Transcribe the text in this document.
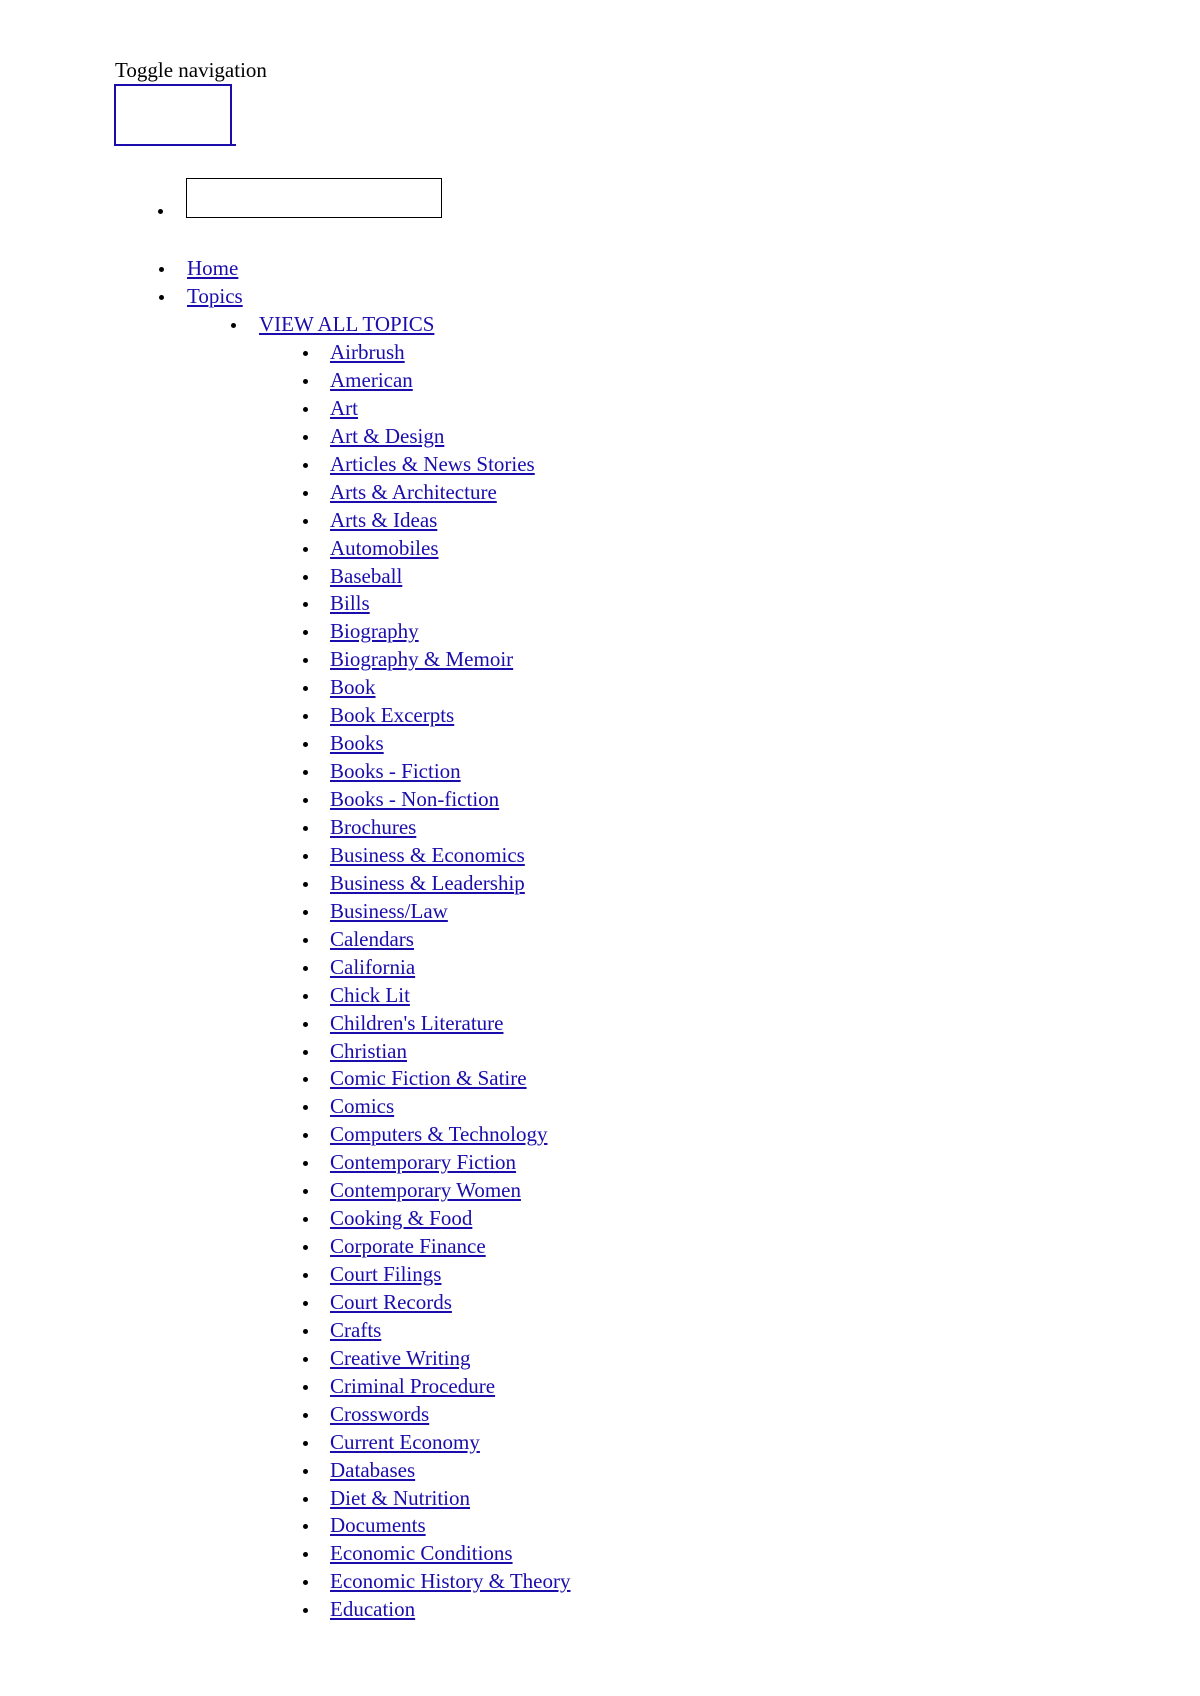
Toggle navigation
Home
Topics
VIEW ALL TOPICS
Airbrush
American
Art
Art & Design
Articles & News Stories
Arts & Architecture
Arts & Ideas
Automobiles
Baseball
Bills
Biography
Biography & Memoir
Book
Book Excerpts
Books
Books - Fiction
Books - Non-fiction
Brochures
Business & Economics
Business & Leadership
Business/Law
Calendars
California
Chick Lit
Children's Literature
Christian
Comic Fiction & Satire
Comics
Computers & Technology
Contemporary Fiction
Contemporary Women
Cooking & Food
Corporate Finance
Court Filings
Court Records
Crafts
Creative Writing
Criminal Procedure
Crosswords
Current Economy
Databases
Diet & Nutrition
Documents
Economic Conditions
Economic History & Theory
Education
